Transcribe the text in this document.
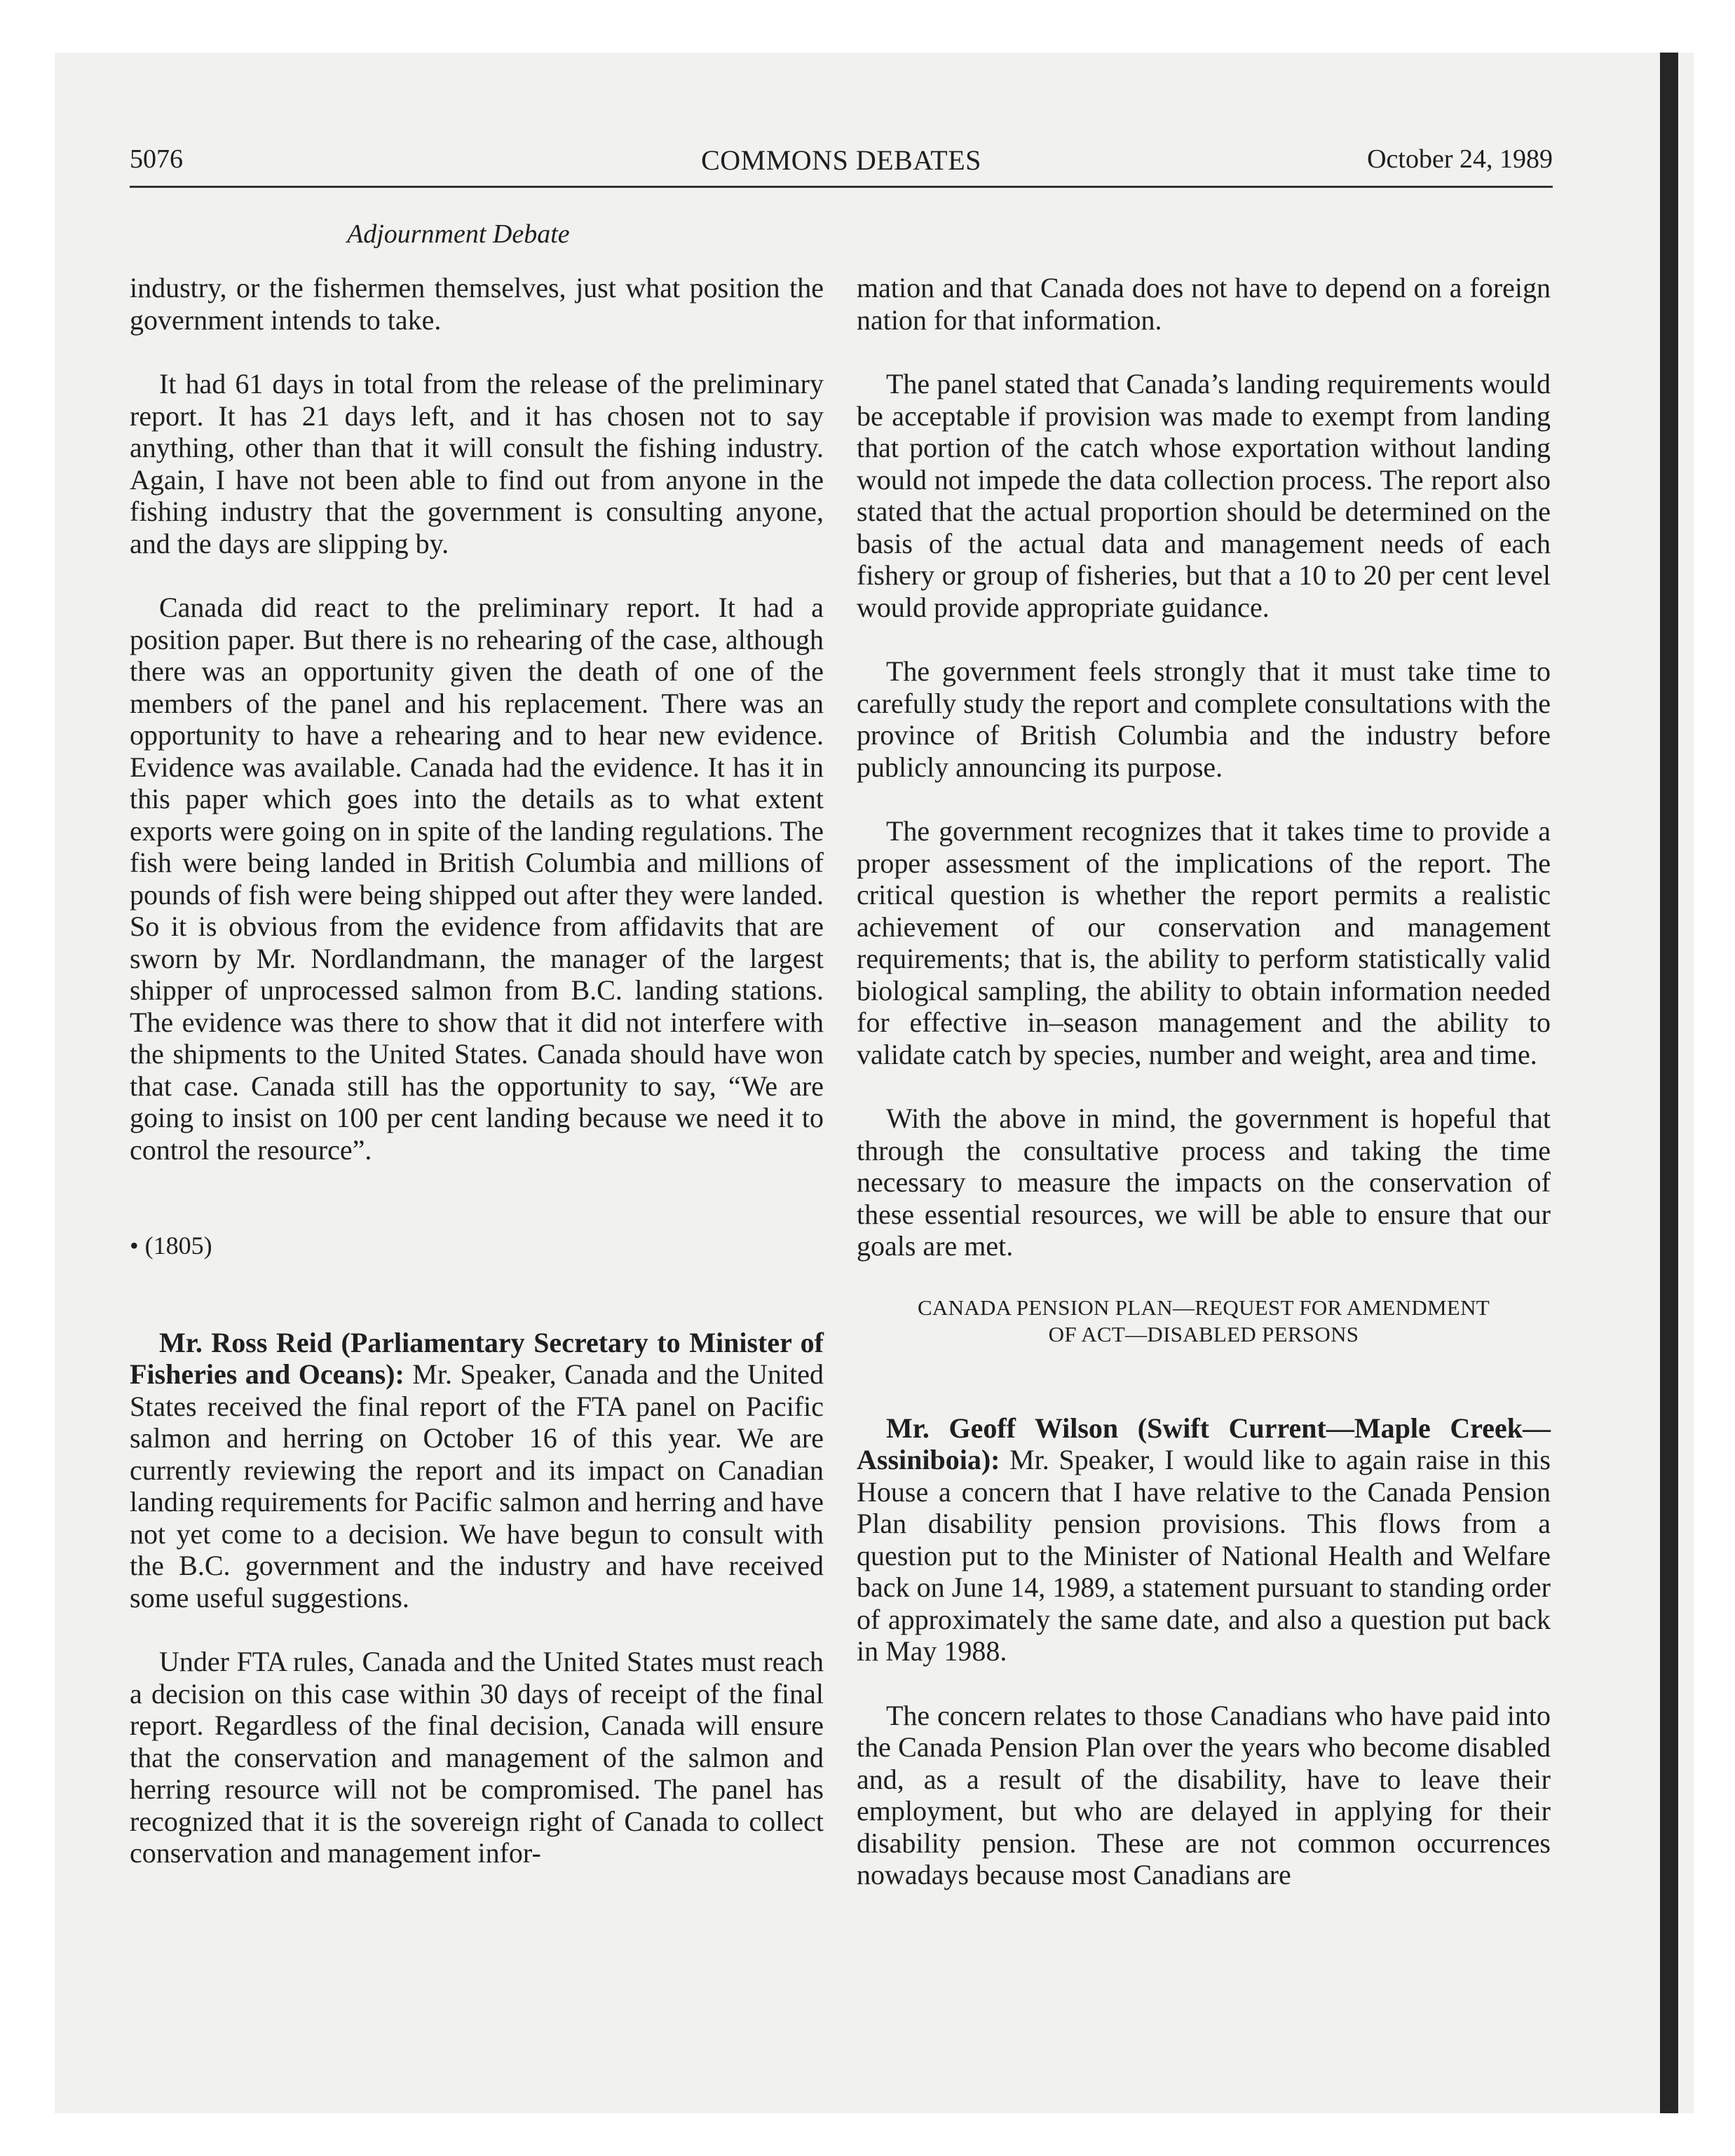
5076	COMMONS DEBATES	October 24, 1989
Adjournment Debate

industry, or the fishermen themselves, just what position the government intends to take.

It had 61 days in total from the release of the preliminary report. It has 21 days left, and it has chosen not to say anything, other than that it will consult the fishing industry. Again, I have not been able to find out from anyone in the fishing industry that the government is consulting anyone, and the days are slipping by.

Canada did react to the preliminary report. It had a position paper. But there is no rehearing of the case, although there was an opportunity given the death of one of the members of the panel and his replacement. There was an opportunity to have a rehearing and to hear new evidence. Evidence was available. Canada had the evidence. It has it in this paper which goes into the details as to what extent exports were going on in spite of the landing regulations. The fish were being landed in British Columbia and millions of pounds of fish were being shipped out after they were landed. So it is obvious from the evidence from affidavits that are sworn by Mr. Nordlandmann, the manager of the largest shipper of unprocessed salmon from B.C. landing stations. The evidence was there to show that it did not interfere with the shipments to the United States. Canada should have won that case. Canada still has the opportunity to say, “We are going to insist on 100 per cent landing because we need it to control the resource”.

• (1805)

Mr. Ross Reid (Parliamentary Secretary to Minister of Fisheries and Oceans): Mr. Speaker, Canada and the United States received the final report of the FTA panel on Pacific salmon and herring on October 16 of this year. We are currently reviewing the report and its impact on Canadian landing requirements for Pacific salmon and herring and have not yet come to a decision. We have begun to consult with the B.C. government and the industry and have received some useful suggestions.

Under FTA rules, Canada and the United States must reach a decision on this case within 30 days of receipt of the final report. Regardless of the final decision, Canada will ensure that the conservation and management of the salmon and herring resource will not be compromised. The panel has recognized that it is the sovereign right of Canada to collect conservation and management infor-

mation and that Canada does not have to depend on a foreign nation for that information.

The panel stated that Canada’s landing requirements would be acceptable if provision was made to exempt from landing that portion of the catch whose exportation without landing would not impede the data collection process. The report also stated that the actual proportion should be determined on the basis of the actual data and management needs of each fishery or group of fisheries, but that a 10 to 20 per cent level would provide appropriate guidance.

The government feels strongly that it must take time to carefully study the report and complete consultations with the province of British Columbia and the industry before publicly announcing its purpose.

The government recognizes that it takes time to provide a proper assessment of the implications of the report. The critical question is whether the report permits a realistic achievement of our conservation and management requirements; that is, the ability to perform statistically valid biological sampling, the ability to obtain information needed for effective in–season management and the ability to validate catch by species, number and weight, area and time.

With the above in mind, the government is hopeful that through the consultative process and taking the time necessary to measure the impacts on the conservation of these essential resources, we will be able to ensure that our goals are met.

CANADA PENSION PLAN—REQUEST FOR AMENDMENT
OF ACT—DISABLED PERSONS

Mr. Geoff Wilson (Swift Current—Maple Creek—Assiniboia): Mr. Speaker, I would like to again raise in this House a concern that I have relative to the Canada Pension Plan disability pension provisions. This flows from a question put to the Minister of National Health and Welfare back on June 14, 1989, a statement pursuant to standing order of approximately the same date, and also a question put back in May 1988.

The concern relates to those Canadians who have paid into the Canada Pension Plan over the years who become disabled and, as a result of the disability, have to leave their employment, but who are delayed in applying for their disability pension. These are not common occurrences nowadays because most Canadians are
